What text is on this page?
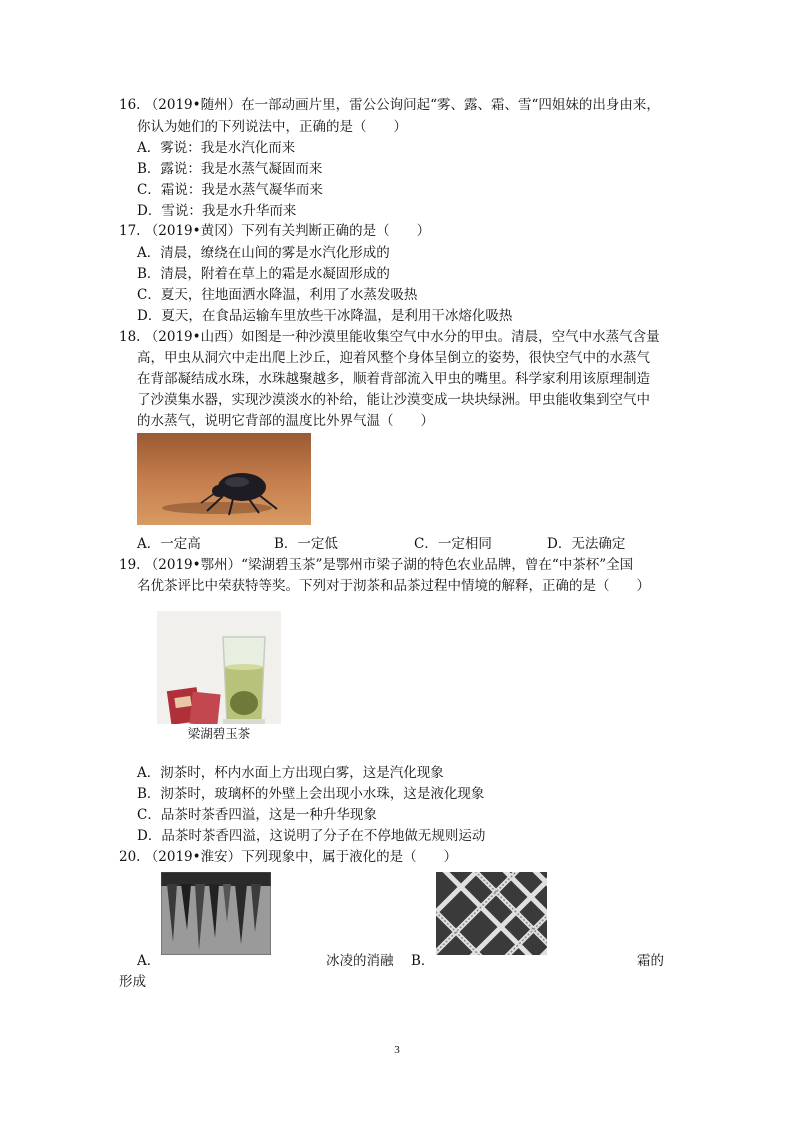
16. （2019•随州）在一部动画片里，雷公公询问起“雾、露、霜、雪“四姐妹的出身由来，
你认为她们的下列说法中，正确的是（　　）
A．雾说：我是水汽化而来
B．露说：我是水蒸气凝固而来
C．霜说：我是水蒸气凝华而来
D．雪说：我是水升华而来
17. （2019•黄冈）下列有关判断正确的是（　　）
A．清晨，缭绕在山间的雾是水汽化形成的
B．清晨，附着在草上的霜是水凝固形成的
C．夏天，往地面洒水降温，利用了水蒸发吸热
D．夏天，在食品运输车里放些干冰降温，是利用干冰熔化吸热
18. （2019•山西）如图是一种沙漠里能收集空气中水分的甲虫。清晨，空气中水蒸气含量
高，甲虫从洞穴中走出爬上沙丘，迎着风整个身体呈倒立的姿势，很快空气中的水蒸气
在背部凝结成水珠，水珠越聚越多，顺着背部流入甲虫的嘴里。科学家利用该原理制造
了沙漠集水器，实现沙漠淡水的补给，能让沙漠变成一块块绿洲。甲虫能收集到空气中
的水蒸气，说明它背部的温度比外界气温（　　）
A．一定高	B．一定低	C．一定相同	D．无法确定
19. （2019•鄂州）“梁湖碧玉茶”是鄂州市梁子湖的特色农业品牌，曾在“中茶杯”全国
名优茶评比中荣获特等奖。下列对于沏茶和品茶过程中情境的解释，正确的是（　　）
梁湖碧玉茶
A．沏茶时，杯内水面上方出现白雾，这是汽化现象
B．沏茶时，玻璃杯的外壁上会出现小水珠，这是液化现象
C．品茶时茶香四溢，这是一种升华现象
D．品茶时茶香四溢，这说明了分子在不停地做无规则运动
20. （2019•淮安）下列现象中，属于液化的是（　　）
A．	冰凌的消融 B．	霜的
形成
3
